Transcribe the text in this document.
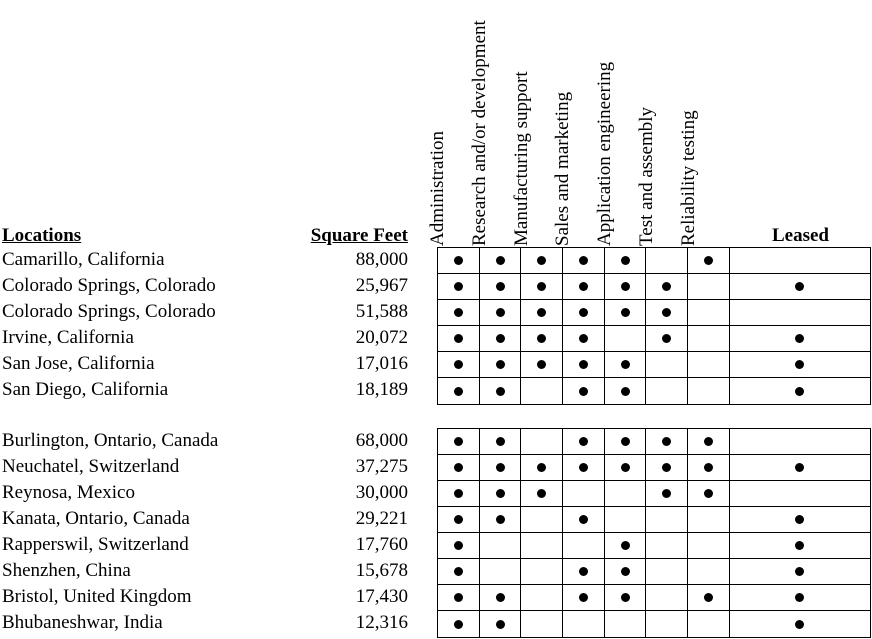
Locations	Square Feet	Leased
Administration Research and/or development Manufacturing support Sales and marketing Application engineering Test and assembly Reliability testing
Camarillo, California
Colorado Springs, Colorado
Colorado Springs, Colorado
Irvine, California
San Jose, California
San Diego, California
88,000
25,967
51,588
20,072
17,016
18,189
Burlington, Ontario, Canada
Neuchatel, Switzerland
Reynosa, Mexico
Kanata, Ontario, Canada
Rapperswil, Switzerland
Shenzhen, China
Bristol, United Kingdom
Bhubaneshwar, India
68,000
37,275
30,000
29,221
17,760
15,678
17,430
12,316
